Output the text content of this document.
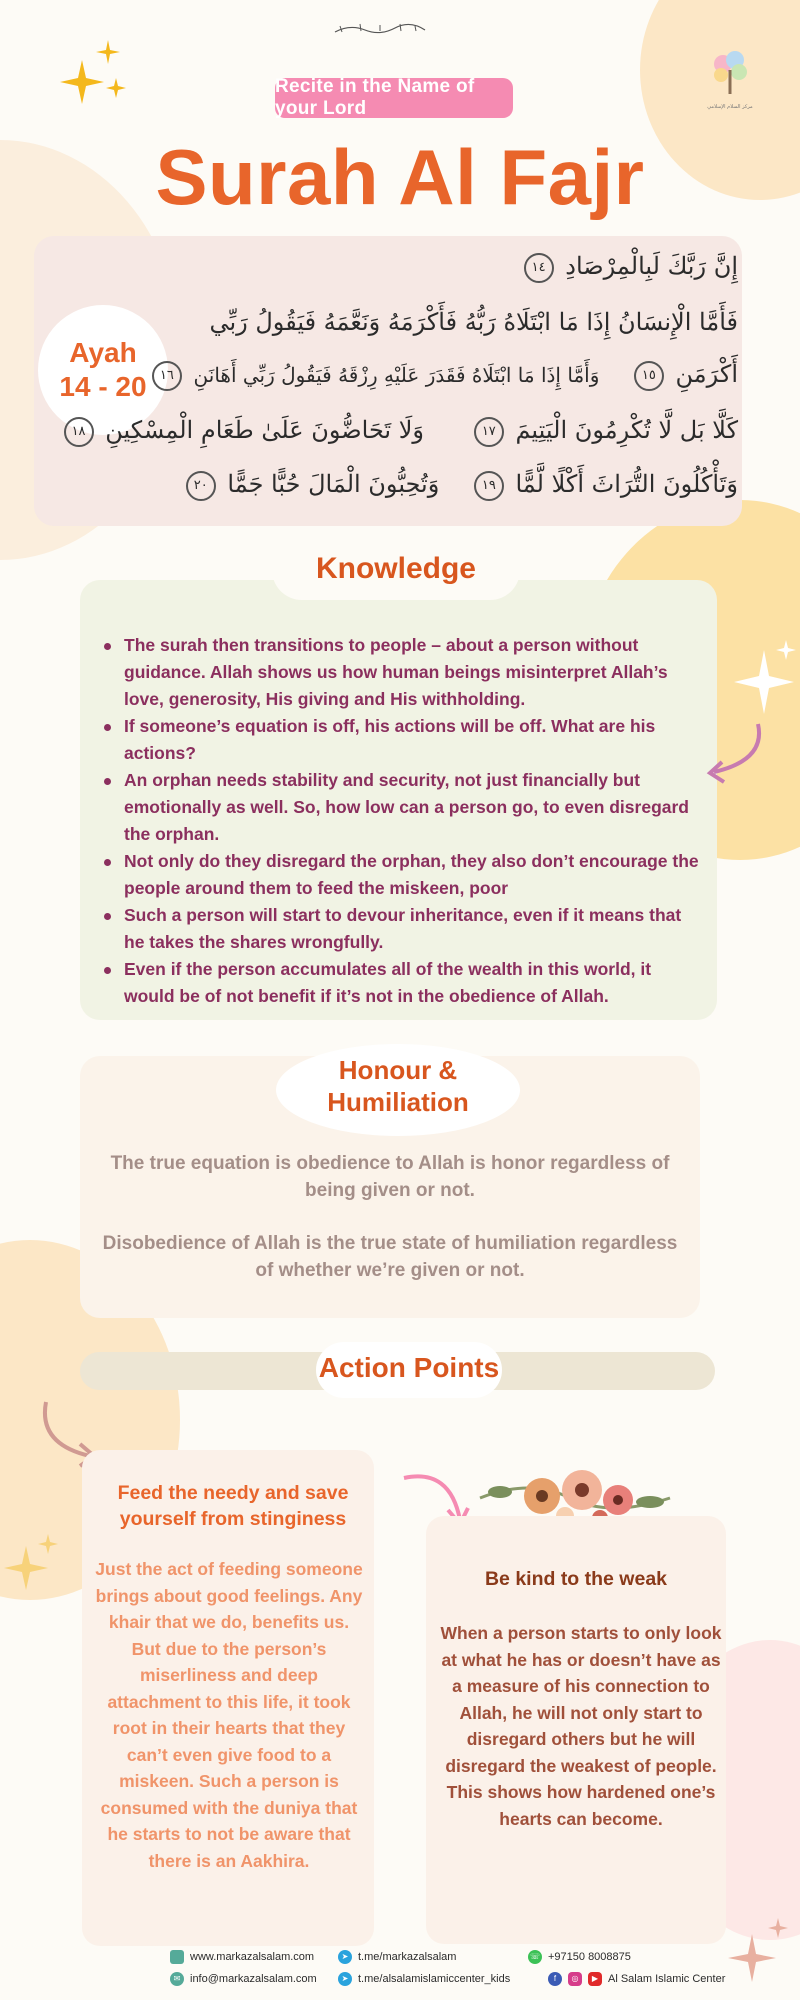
مركز السلام الإسلامي
Recite in the Name of your Lord
Surah Al Fajr
Ayah
14 - 20
إِنَّ رَبَّكَ لَبِالْمِرْصَادِ ١٤
فَأَمَّا الْإِنسَانُ إِذَا مَا ابْتَلَاهُ رَبُّهُ فَأَكْرَمَهُ وَنَعَّمَهُ فَيَقُولُ رَبِّي
أَكْرَمَنِ ١٥    وَأَمَّا إِذَا مَا ابْتَلَاهُ فَقَدَرَ عَلَيْهِ رِزْقَهُ فَيَقُولُ رَبِّي أَهَانَنِ ١٦
كَلَّا بَل لَّا تُكْرِمُونَ الْيَتِيمَ ١٧      وَلَا تَحَاضُّونَ عَلَىٰ طَعَامِ الْمِسْكِينِ ١٨
وَتَأْكُلُونَ التُّرَاثَ أَكْلًا لَّمًّا ١٩    وَتُحِبُّونَ الْمَالَ حُبًّا جَمًّا ٢٠
Knowledge
The surah then transitions to people – about a person without guidance. Allah shows us how human beings misinterpret Allah’s love, generosity, His giving and His withholding.
If someone’s equation is off, his actions will be off. What are his actions?
An orphan needs stability and security, not just financially but emotionally as well. So, how low can a person go, to even disregard the orphan.
Not only do they disregard the orphan, they also don’t encourage the people around them to feed the miskeen, poor
Such a person will start to devour inheritance, even if it means that he takes the shares wrongfully.
Even if the person accumulates all of the wealth in this world, it would be of not benefit if it’s not in the obedience of Allah.
Honour &
Humiliation
The true equation is obedience to Allah is honor regardless of being given or not.
Disobedience of Allah is the true state of humiliation regardless of whether we’re given or not.
Action Points
Feed the needy and save yourself from stinginess
Just the act of feeding someone brings about good feelings. Any khair that we do, benefits us. But due to the person’s miserliness and deep attachment to this life, it took root in their hearts that they can’t even give food to a miskeen. Such a person is consumed with the duniya that he starts to not be aware that there is an Aakhira.
Be kind to the weak
When a person starts to only look at what he has or doesn’t have as a measure of his connection to Allah, he will not only start to disregard others but he will disregard the weakest of people. This shows how hardened one’s hearts can become.
www.markazalsalam.com	➤ t.me/markazalsalam	☏ +97150 8008875
✉ info@markazalsalam.com	➤ t.me/alsalamislamiccenter_kids	f	◎	▶ Al Salam Islamic Center
